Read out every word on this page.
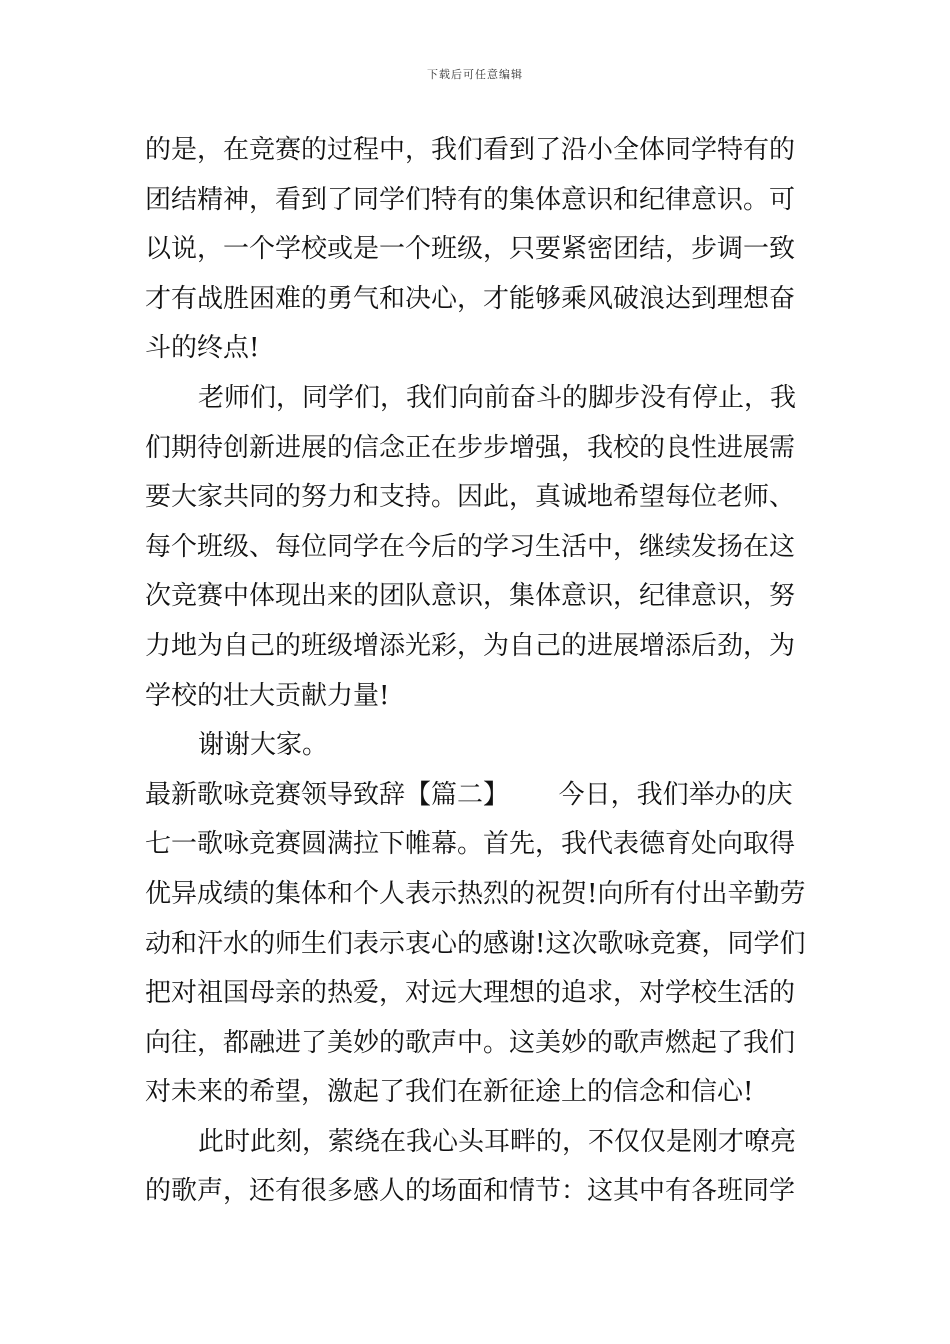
下载后可任意编辑
的是，在竞赛的过程中，我们看到了沿小全体同学特有的
团结精神，看到了同学们特有的集体意识和纪律意识。可
以说，一个学校或是一个班级，只要紧密团结，步调一致
才有战胜困难的勇气和决心，才能够乘风破浪达到理想奋
斗的终点!
老师们，同学们，我们向前奋斗的脚步没有停止，我
们期待创新进展的信念正在步步增强，我校的良性进展需
要大家共同的努力和支持。因此，真诚地希望每位老师、
每个班级、每位同学在今后的学习生活中，继续发扬在这
次竞赛中体现出来的团队意识，集体意识，纪律意识，努
力地为自己的班级增添光彩，为自己的进展增添后劲，为
学校的壮大贡献力量!
谢谢大家。
最新歌咏竞赛领导致辞【篇二】      今日，我们举办的庆
七一歌咏竞赛圆满拉下帷幕。首先，我代表德育处向取得
优异成绩的集体和个人表示热烈的祝贺!向所有付出辛勤劳
动和汗水的师生们表示衷心的感谢!这次歌咏竞赛，同学们
把对祖国母亲的热爱，对远大理想的追求，对学校生活的
向往，都融进了美妙的歌声中。这美妙的歌声燃起了我们
对未来的希望，激起了我们在新征途上的信念和信心!
此时此刻，萦绕在我心头耳畔的，不仅仅是刚才嘹亮
的歌声，还有很多感人的场面和情节：这其中有各班同学
